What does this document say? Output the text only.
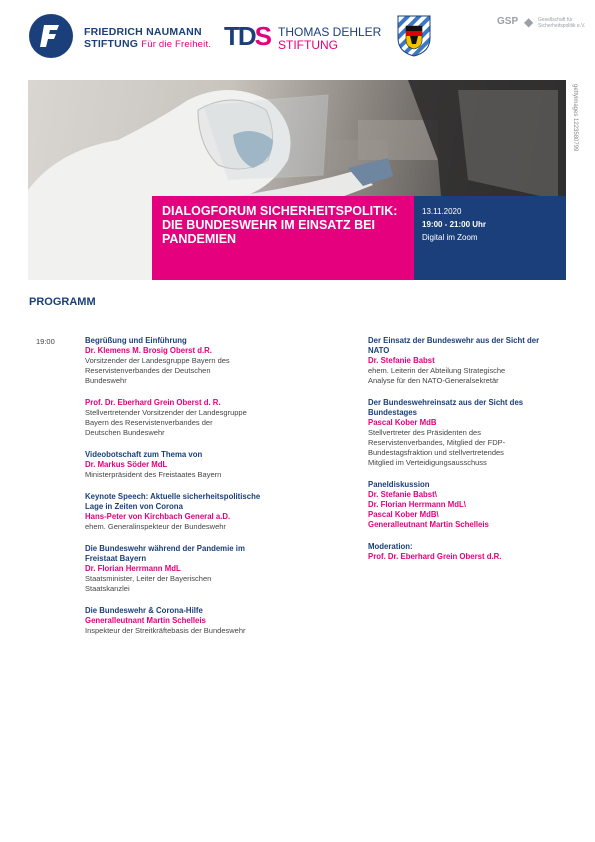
FRIEDRICH NAUMANN
STIFTUNG Für die Freiheit. TDS THOMAS DEHLER
STIFTUNG
GSP ◆ Gesellschaft für
Sicherheitspolitik e.V.
gettyimages 1223580799
DIALOGFORUM SICHERHEITSPOLITIK:
DIE BUNDESWEHR IM EINSATZ BEI
PANDEMIEN
13.11.2020
19:00 - 21:00 Uhr
Digital im Zoom
PROGRAMM
19:00	Begrüßung und Einführung
Dr. Klemens M. Brosig Oberst d.R.
Vorsitzender der Landesgruppe Bayern des
Reservistenverbandes der Deutschen
Bundeswehr
Prof. Dr. Eberhard Grein Oberst d. R.
Stellvertretender Vorsitzender der Landesgruppe
Bayern des Reservistenverbandes der
Deutschen Bundeswehr
Videobotschaft zum Thema von
Dr. Markus Söder MdL
Ministerpräsident des Freistaates Bayern
Keynote Speech: Aktuelle sicherheitspolitische
Lage in Zeiten von Corona
Hans-Peter von Kirchbach General a.D.
ehem. Generalinspekteur der Bundeswehr
Die Bundeswehr während der Pandemie im
Freistaat Bayern
Dr. Florian Herrmann MdL
Staatsminister, Leiter der Bayerischen
Staatskanzlei
Die Bundeswehr & Corona-Hilfe
Generalleutnant Martin Schelleis
Inspekteur der Streitkräftebasis der Bundeswehr
Der Einsatz der Bundeswehr aus der Sicht der
NATO
Dr. Stefanie Babst
ehem. Leiterin der Abteilung Strategische
Analyse für den NATO-Generalsekretär
Der Bundeswehreinsatz aus der Sicht des
Bundestages
Pascal Kober MdB
Stellvertreter des Präsidenten des
Reservistenverbandes, Mitglied der FDP-
Bundestagsfraktion und stellvertretendes
Mitglied im Verteidigungsausschuss
Paneldiskussion
Dr. Stefanie Babst\
Dr. Florian Herrmann MdL\
Pascal Kober MdB\
Generalleutnant Martin Schelleis
Moderation:
Prof. Dr. Eberhard Grein Oberst d.R.
